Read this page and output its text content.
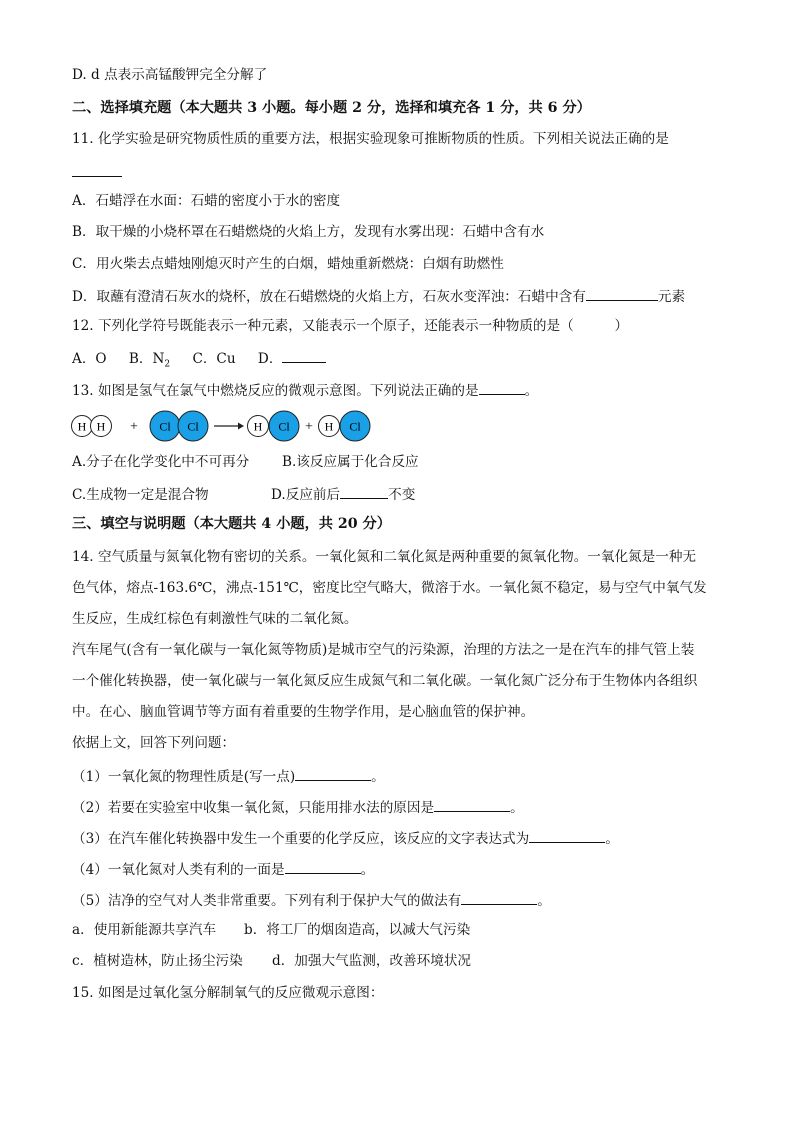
D. d 点表示高锰酸钾完全分解了
二、选择填充题（本大题共 3 小题。每小题 2 分，选择和填充各 1 分，共 6 分）
11. 化学实验是研究物质性质的重要方法，根据实验现象可推断物质的性质。下列相关说法正确的是
A．石蜡浮在水面：石蜡的密度小于水的密度
B．取干燥的小烧杯罩在石蜡燃烧的火焰上方，发现有水雾出现：石蜡中含有水
C．用火柴去点蜡烛刚熄灭时产生的白烟，蜡烛重新燃烧：白烟有助燃性
D．取蘸有澄清石灰水的烧杯，放在石蜡燃烧的火焰上方，石灰水变浑浊：石蜡中含有	元素
12. 下列化学符号既能表示一种元素，又能表示一个原子，还能表示一种物质的是（　　　）
A．O B．$N_2$ C．Cu D．
13. 如图是氢气在氯气中燃烧反应的微观示意图。下列说法正确的是	。
H H + Cl Cl	H Cl + H Cl
A.分子在化学变化中不可再分 B.该反应属于化合反应
C.生成物一定是混合物	D.反应前后	不变
三、填空与说明题（本大题共 4 小题，共 20 分）
14. 空气质量与氮氧化物有密切的关系。一氧化氮和二氧化氮是两种重要的氮氧化物。一氧化氮是一种无
色气体，熔点-163.6℃，沸点-151℃，密度比空气略大，微溶于水。一氧化氮不稳定，易与空气中氧气发
生反应，生成红棕色有刺激性气味的二氧化氮。
汽车尾气(含有一氧化碳与一氧化氮等物质)是城市空气的污染源，治理的方法之一是在汽车的排气管上装
一个催化转换器，使一氧化碳与一氧化氮反应生成氮气和二氧化碳。一氧化氮广泛分布于生物体内各组织
中。在心、脑血管调节等方面有着重要的生物学作用，是心脑血管的保护神。
依据上文，回答下列问题：
（1）一氧化氮的物理性质是(写一点)	。
（2）若要在实验室中收集一氧化氮，只能用排水法的原因是	。
（3）在汽车催化转换器中发生一个重要的化学反应，该反应的文字表达式为	。
（4）一氧化氮对人类有利的一面是	。
（5）洁净的空气对人类非常重要。下列有利于保护大气的做法有	。
a．使用新能源共享汽车 b．将工厂的烟囱造高，以减大气污染
c．植树造林，防止扬尘污染 d．加强大气监测，改善环境状况
15. 如图是过氧化氢分解制氧气的反应微观示意图：
